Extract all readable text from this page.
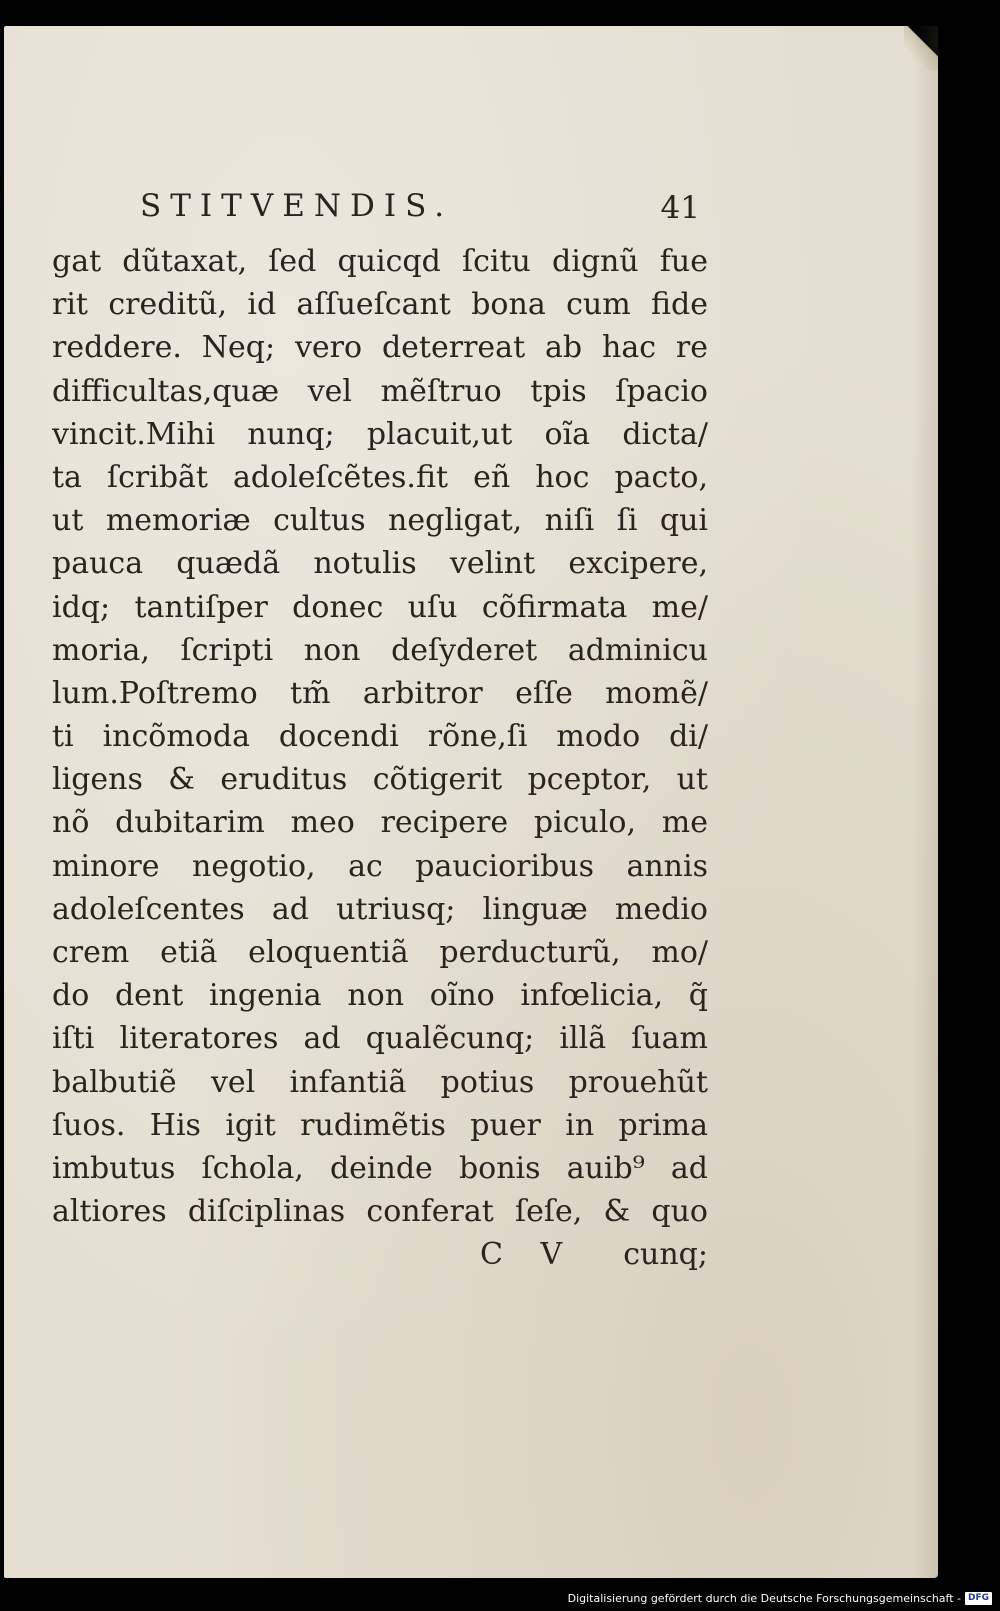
STITVENDIS.	41
gat dũtaxat, ſed quicqd ſcitu dignũ fue
rit creditũ, id aſſueſcant bona cum fide
reddere. Neq; vero deterreat ab hac re
difficultas,quæ vel mẽſtruo tpis ſpacio
vincit.Mihi nunq; placuit,ut oĩa dicta/
ta ſcribãt adoleſcẽtes.fit eñ hoc pacto,
ut memoriæ cultus negligat, niſi ſi qui
pauca quædã notulis velint excipere,
idq; tantiſper donec uſu cõfirmata me/
moria, ſcripti non deſyderet adminicu
lum.Poſtremo tm̃ arbitror eſſe momẽ/
ti incõmoda docendi rõne,ſi modo di/
ligens & eruditus cõtigerit pceptor, ut
nõ dubitarim meo recipere piculo, me
minore negotio, ac paucioribus annis
adoleſcentes ad utriusq; linguæ medio
crem etiã eloquentiã perducturũ, mo/
do dent ingenia non oĩno infœlicia, q̃
iſti literatores ad qualẽcunq; illã ſuam
balbutiẽ vel infantiã potius prouehũt
ſuos. His igit rudimẽtis puer in prima
imbutus ſchola, deinde bonis auib⁹ ad
altiores diſciplinas conferat ſeſe, & quo
C V cunq;
Digitalisierung gefördert durch die Deutsche Forschungsgemeinschaft - DFG
